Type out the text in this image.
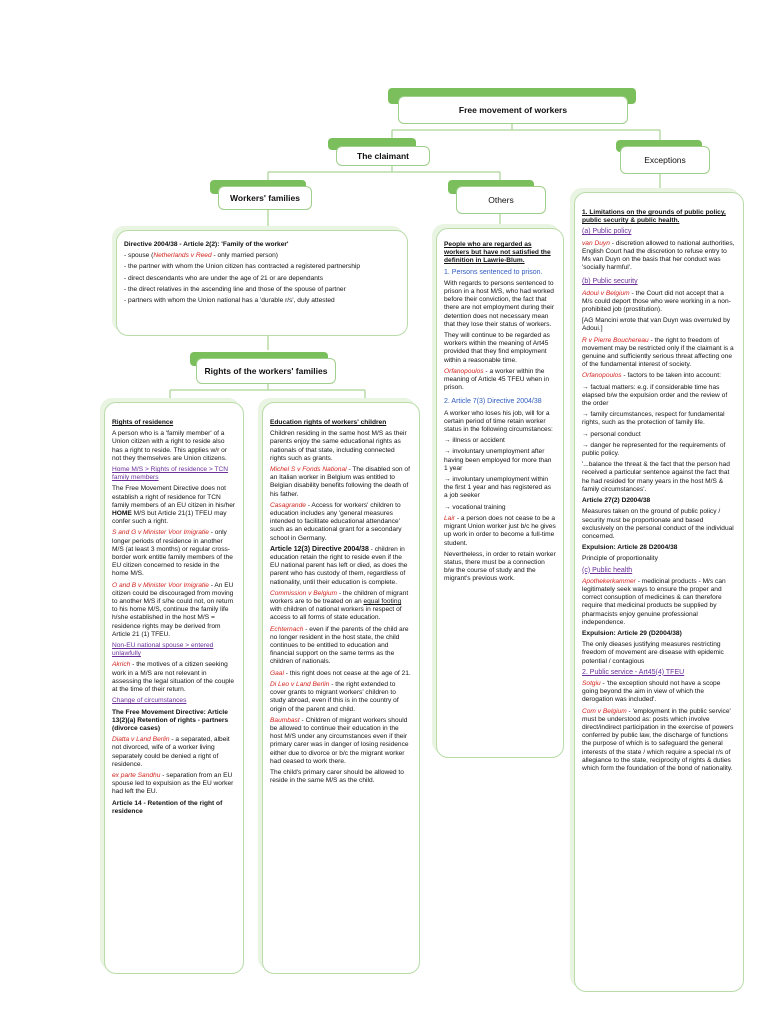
Free movement of workers
The claimant	Exceptions
Workers' families	Others

Directive 2004/38 - Article 2(2): 'Family of the worker'

- spouse (Netherlands v Reed - only married person)

- the partner with whom the Union citizen has contracted a registered partnership

- direct descendants who are under the age of 21 or are dependants

- the direct relatives in the ascending line and those of the spouse of partner

- partners with whom the Union national has a 'durable r/s', duly attested

Rights of the workers' families

Rights of residence

A person who is a 'family member' of a Union citizen with a right to reside also has a right to reside. This applies w/r or not they themselves are Union citizens.

Home M/S > Rights of residence > TCN family members

The Free Movement Directive does not establish a right of residence for TCN family members of an EU citizen in his/her HOME M/S but Article 21(1) TFEU may confer such a right.

S and G v Minister Voor Imigratie - only longer periods of residence in another M/S (at least 3 months) or regular cross-border work entitle family members of the EU citizen concerned to reside in the home M/S.

O and B v Minister Voor Imigratie - An EU citizen could be discouraged from moving to another M/S if s/he could not, on return to his home M/S, continue the family life h/she established in the host M/S = residence rights may be derived from Article 21 (1) TFEU.

Non-EU national spouse > entered unlawfully

Akrich - the motives of a citizen seeking work in a M/S are not relevant in assessing the legal situation of the couple at the time of their return.

Change of circumstances

The Free Movement Directive: Article 13(2)(a) Retention of rights - partners (divorce cases)

Diatta v Land Berlin - a separated, albeit not divorced, wife of a worker living separately could be denied a right of residence.

ex parte Sandhu - separation from an EU spouse led to expulsion as the EU worker had left the EU.

Article 14 - Retention of the right of residence

Education rights of workers' children

Children residing in the same host M/S as their parents enjoy the same educational rights as nationals of that state, including connected rights such as grants.

Michel S v Fonds National - The disabled son of an Italian worker in Belgium was entitled to Belgian disability benefits following the death of his father.

Casagrande - Access for workers' children to education includes any 'general measures intended to facilitate educational attendance' such as an educational grant for a secondary school in Germany.

Article 12(3) Directive 2004/38 - children in education retain the right to reside even if the EU national parent has left or died, as does the parent who has custody of them, regardless of nationality, until their education is complete.

Commission v Belgium - the children of migrant workers are to be treated on an equal footing with children of national workers in respect of access to all forms of state education.

Echternach - even if the parents of the child are no longer resident in the host state, the child continues to be entitled to education and financial support on the same terms as the children of nationals.

Gaal - this right does not cease at the age of 21.

Di Leo v Land Berlin - the right extended to cover grants to migrant workers' children to study abroad, even if this is in the country of origin of the parent and child.

Baumbast - Children of migrant workers should be allowed to continue their education in the host M/S under any circumstances even if their primary carer was in danger of losing residence either due to divorce or b/c the migrant worker had ceased to work there.

The child's primary carer should be allowed to reside in the same M/S as the child.

People who are regarded as workers but have not satisfied the definition in Lawrie-Blum.

1. Persons sentenced to prison.

With regards to persons sentenced to prison in a host M/S, who had worked before their conviction, the fact that there are not employment during their detention does not necessary mean that they lose their status of workers.

They will continue to be regarded as workers within the meaning of Art45 provided that they find employment within a reasonable time.

Orfanopoulos - a worker within the meaning of Article 45 TFEU when in prison.

2. Article 7(3) Directive 2004/38

A worker who loses his job, will for a certain period of time retain worker status in the following circumstances:

→ illness or accident

→ involuntary unemployment after having been employed for more than 1 year

→ involuntary unemployment within the first 1 year and has registered as a job seeker

→ vocational training

Lair - a person does not cease to be a migrant Union worker just b/c he gives up work in order to become a full-time student.

Nevertheless, in order to retain worker status, there must be a connection b/w the course of study and the migrant's previous work.

1. Limitations on the grounds of public policy, public security & public health.

(a) Public policy

van Duyn - discretion allowed to national authorities, English Court had the discretion to refuse entry to Ms van Duyn on the basis that her conduct was 'socially harmful'.

(b) Public security

Adoui v Belgium - the Court did not accept that a M/s could deport those who were working in a non-prohibited job (prostitution).

[AG Mancini wrote that van Duyn was overruled by Adoui.]

R v Pierre Bouchereau - the right to freedom of movement may be restricted only if the claimant is a genuine and sufficiently serious threat affecting one of the fundamental interest of society.

Orfanopoulos - factors to be taken into account:

→ factual matters: e.g. if considerable time has elapsed b/w the expulsion order and the review of the order

→ family circumstances, respect for fundamental rights, such as the protection of family life.

→ personal conduct

→ danger he represented for the requirements of public policy.

'...balance the threat & the fact that the person had received a particular sentence against the fact that he had resided for many years in the host M/S & family circumstances'.

Article 27(2) D2004/38

Measures taken on the ground of public policy / security must be proportionate and based exclusively on the personal conduct of the individual concerned.

Expulsion: Article 28 D2004/38

Principle of proportionality

(c) Public health

Apothekerkammer - medicinal products - M/s can legitimately seek ways to ensure the proper and correct consuption of medicines & can therefore require that medicinal products be supplied by pharmacists enjoy genuine professional independence.

Expulsion: Article 29 (D2004/38)

The only dieases justifying measures restricting freedom of movement are disease with epidemic potential / contagious

2. Public service - Art45(4) TFEU

Sotgiu - 'the exception should not have a scope going beyond the aim in view of which the derogation was included'.

Com v Belgium - 'employment in the public service' must be understood as: posts which involve direct/indirect participation in the exercise of powers conferred by public law, the discharge of functions the purpose of which is to safeguard the general interests of the state / which require a special r/s of allegiance to the state, reciprocity of rights & duties which form the foundation of the bond of nationality.
